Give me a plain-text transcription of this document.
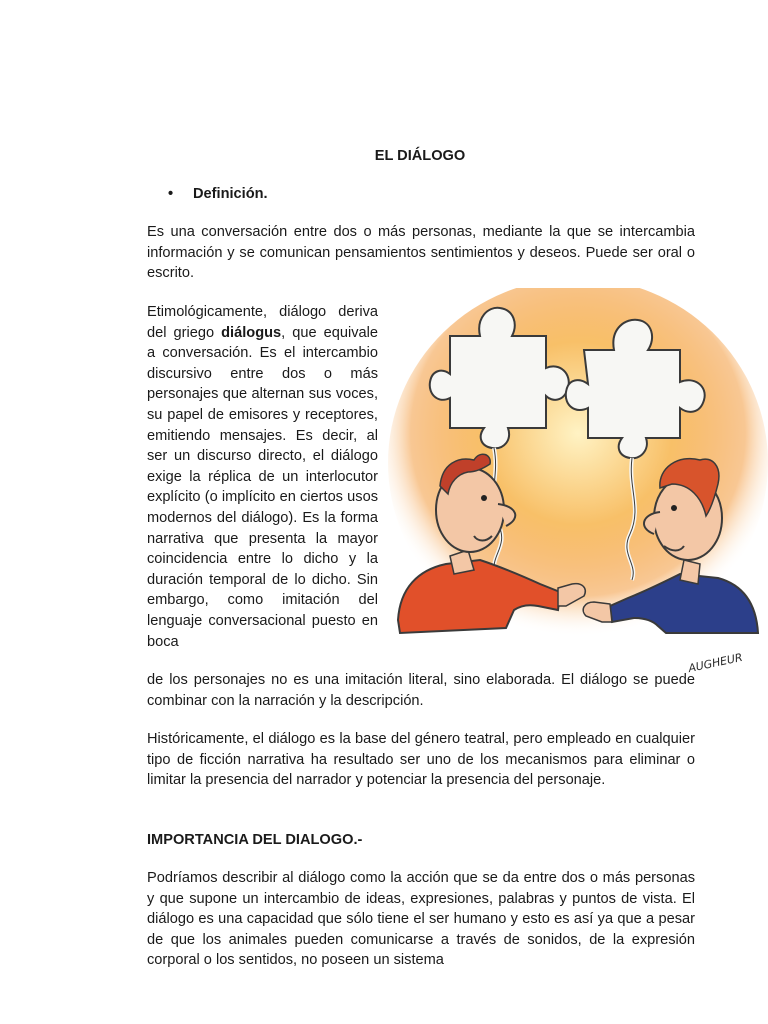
EL DIÁLOGO
• Definición.

Es una conversación entre dos o más personas, mediante la que se intercambia información y se comunican pensamientos sentimientos y deseos. Puede ser oral o escrito.

Etimológicamente, diálogo deriva del griego diálogus, que equivale a conversación. Es el intercambio discursivo entre dos o más personajes que alternan sus voces, su papel de emisores y receptores, emitiendo mensajes. Es decir, al ser un discurso directo, el diálogo exige la réplica de un interlocutor explícito (o implícito en ciertos usos modernos del diálogo). Es la forma narrativa que presenta la mayor coincidencia entre lo dicho y la duración temporal de lo dicho. Sin embargo, como imitación del lenguaje conversacional puesto en boca

de los personajes no es una imitación literal, sino elaborada. El diálogo se puede combinar con la narración y la descripción.

AUGHEUR

Históricamente, el diálogo es la base del género teatral, pero empleado en cualquier tipo de ficción narrativa ha resultado ser uno de los mecanismos para eliminar o limitar la presencia del narrador y potenciar la presencia del personaje.

IMPORTANCIA DEL DIALOGO.-

Podríamos describir al diálogo como la acción que se da entre dos o más personas y que supone un intercambio de ideas, expresiones, palabras y puntos de vista. El diálogo es una capacidad que sólo tiene el ser humano y esto es así ya que a pesar de que los animales pueden comunicarse a través de sonidos, de la expresión corporal o los sentidos, no poseen un sistema
